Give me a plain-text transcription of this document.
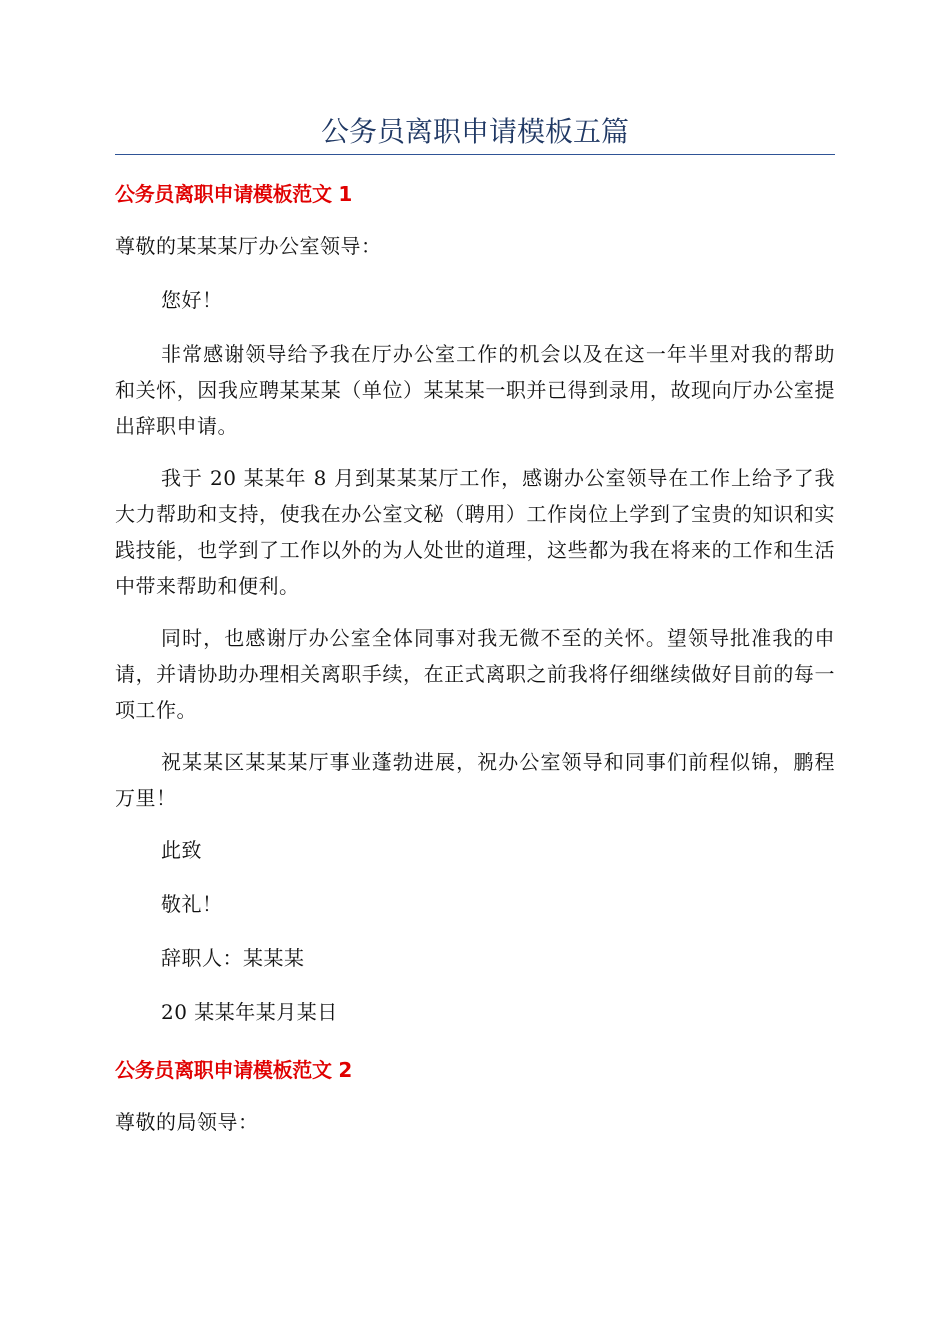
公务员离职申请模板五篇

公务员离职申请模板范文 1

尊敬的某某某厅办公室领导：

您好！

非常感谢领导给予我在厅办公室工作的机会以及在这一年半里对我的帮助和关怀，因我应聘某某某（单位）某某某一职并已得到录用，故现向厅办公室提出辞职申请。

我于 20 某某年 8 月到某某某厅工作，感谢办公室领导在工作上给予了我大力帮助和支持，使我在办公室文秘（聘用）工作岗位上学到了宝贵的知识和实践技能，也学到了工作以外的为人处世的道理，这些都为我在将来的工作和生活中带来帮助和便利。

同时，也感谢厅办公室全体同事对我无微不至的关怀。望领导批准我的申请，并请协助办理相关离职手续，在正式离职之前我将仔细继续做好目前的每一项工作。

祝某某区某某某厅事业蓬勃进展，祝办公室领导和同事们前程似锦，鹏程万里！

此致

敬礼！

辞职人：某某某

20 某某年某月某日

公务员离职申请模板范文 2

尊敬的局领导：
